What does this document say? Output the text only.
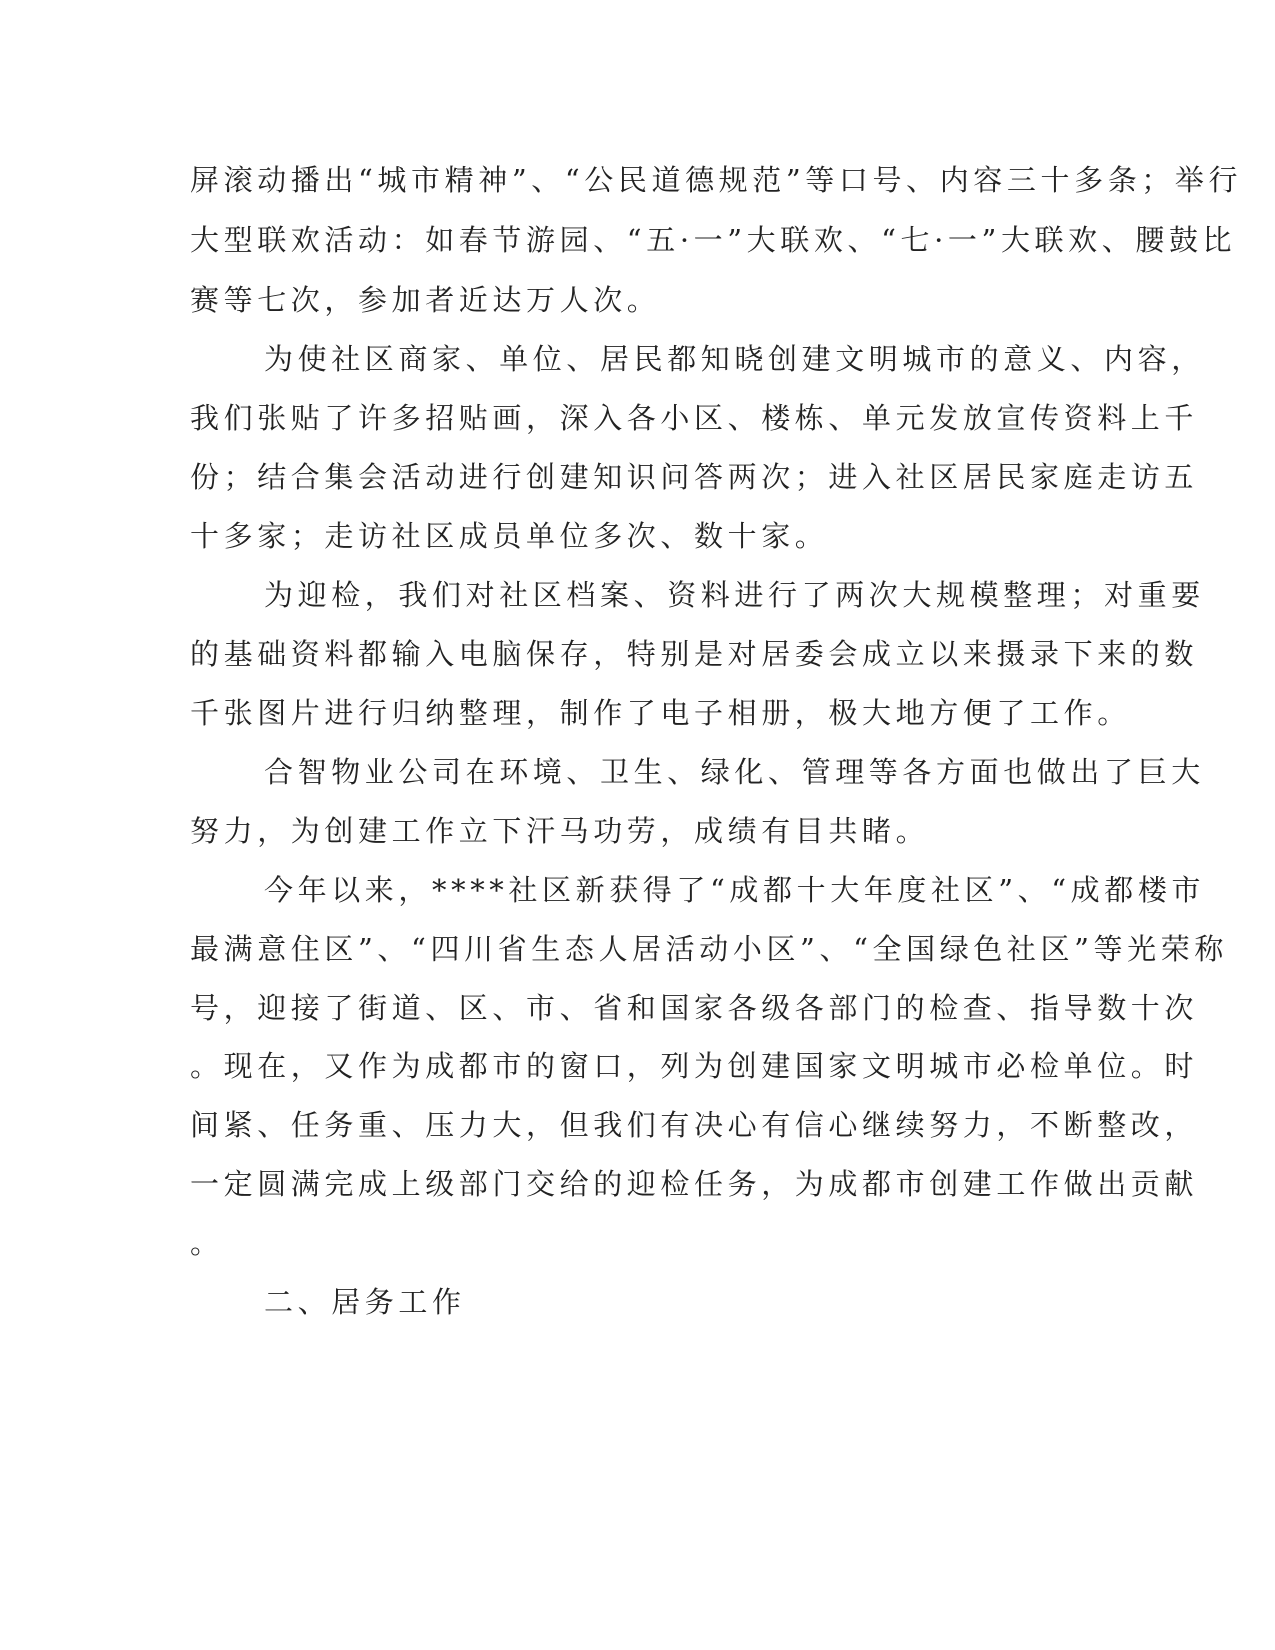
屏滚动播出“城市精神”、“公民道德规范”等口号、内容三十多条；举行
大型联欢活动：如春节游园、“五·一”大联欢、“七·一”大联欢、腰鼓比
赛等七次，参加者近达万人次。
为使社区商家、单位、居民都知晓创建文明城市的意义、内容，
我们张贴了许多招贴画，深入各小区、楼栋、单元发放宣传资料上千
份；结合集会活动进行创建知识问答两次；进入社区居民家庭走访五
十多家；走访社区成员单位多次、数十家。
为迎检，我们对社区档案、资料进行了两次大规模整理；对重要
的基础资料都输入电脑保存，特别是对居委会成立以来摄录下来的数
千张图片进行归纳整理，制作了电子相册，极大地方便了工作。
合智物业公司在环境、卫生、绿化、管理等各方面也做出了巨大
努力，为创建工作立下汗马功劳，成绩有目共睹。
今年以来，****社区新获得了“成都十大年度社区”、“成都楼市
最满意住区”、“四川省生态人居活动小区”、“全国绿色社区”等光荣称
号，迎接了街道、区、市、省和国家各级各部门的检查、指导数十次
。现在，又作为成都市的窗口，列为创建国家文明城市必检单位。时
间紧、任务重、压力大，但我们有决心有信心继续努力，不断整改，
一定圆满完成上级部门交给的迎检任务，为成都市创建工作做出贡献
。
二、居务工作
